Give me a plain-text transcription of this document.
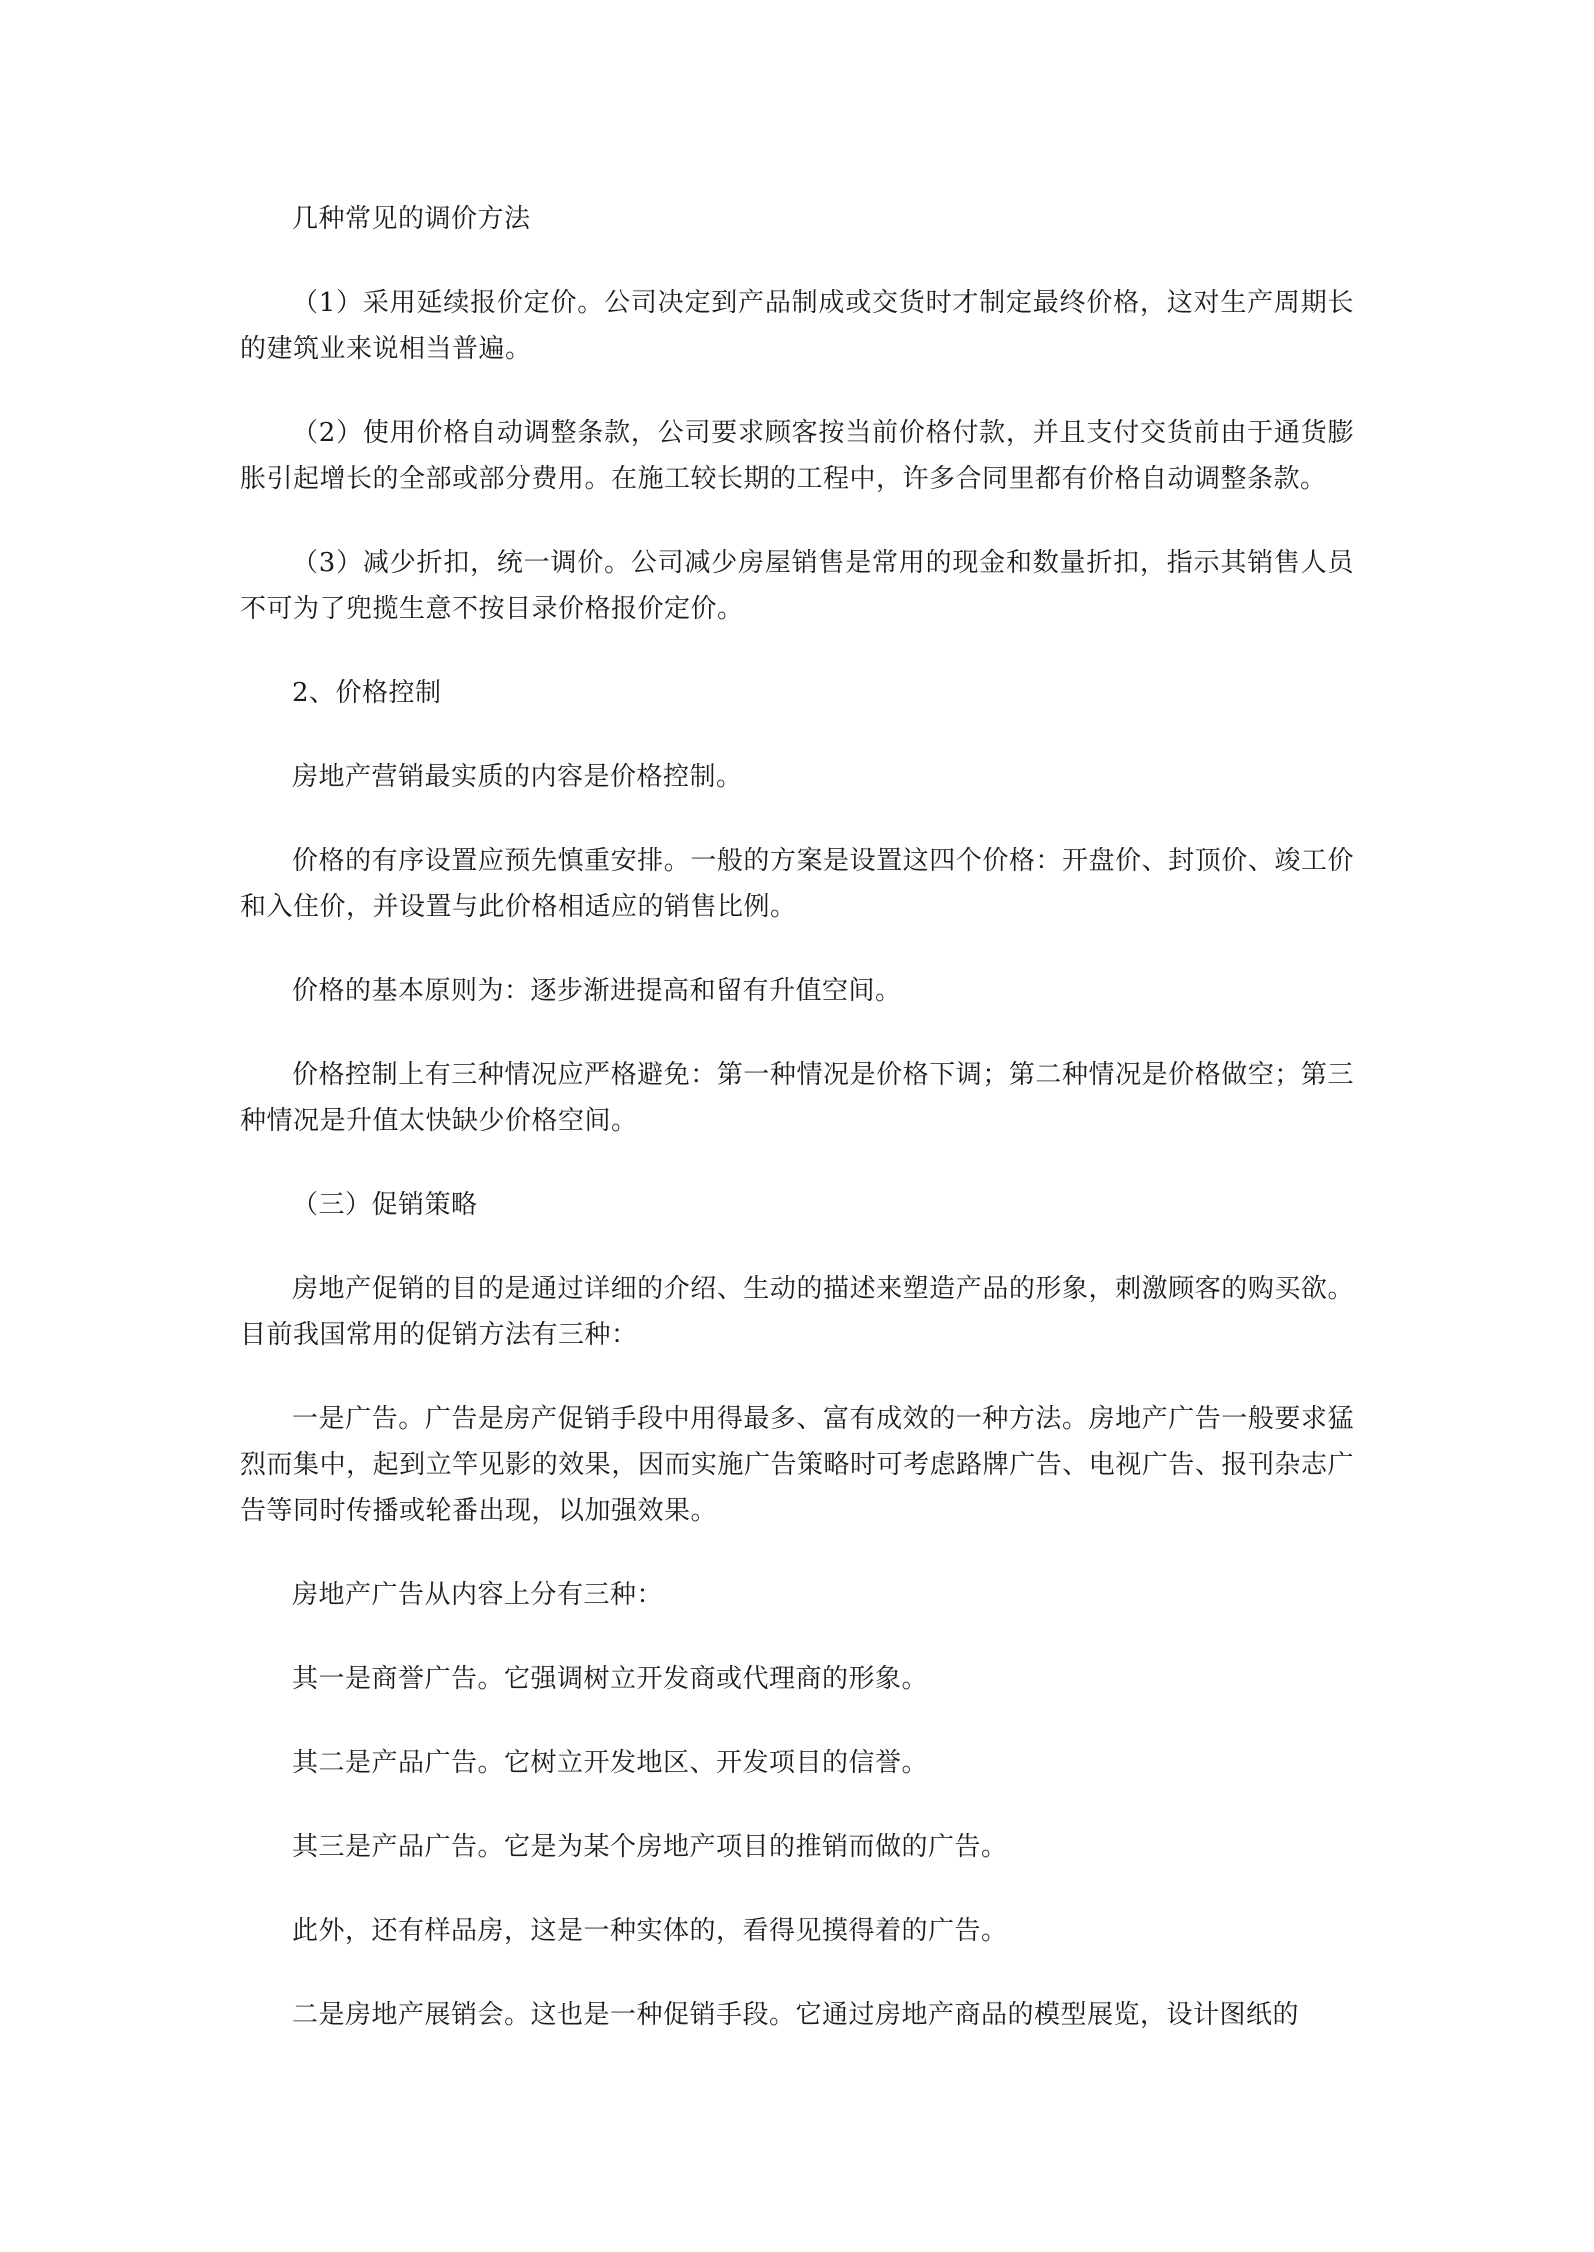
几种常见的调价方法

（1）采用延续报价定价。公司决定到产品制成或交货时才制定最终价格，这对生产周期长的建筑业来说相当普遍。

（2）使用价格自动调整条款，公司要求顾客按当前价格付款，并且支付交货前由于通货膨胀引起增长的全部或部分费用。在施工较长期的工程中，许多合同里都有价格自动调整条款。

（3）减少折扣，统一调价。公司减少房屋销售是常用的现金和数量折扣，指示其销售人员不可为了兜揽生意不按目录价格报价定价。

2、价格控制

房地产营销最实质的内容是价格控制。

价格的有序设置应预先慎重安排。一般的方案是设置这四个价格：开盘价、封顶价、竣工价和入住价，并设置与此价格相适应的销售比例。

价格的基本原则为：逐步渐进提高和留有升值空间。

价格控制上有三种情况应严格避免：第一种情况是价格下调；第二种情况是价格做空；第三种情况是升值太快缺少价格空间。

（三）促销策略

房地产促销的目的是通过详细的介绍、生动的描述来塑造产品的形象，刺激顾客的购买欲。目前我国常用的促销方法有三种：

一是广告。广告是房产促销手段中用得最多、富有成效的一种方法。房地产广告一般要求猛烈而集中，起到立竿见影的效果，因而实施广告策略时可考虑路牌广告、电视广告、报刊杂志广告等同时传播或轮番出现，以加强效果。

房地产广告从内容上分有三种：

其一是商誉广告。它强调树立开发商或代理商的形象。

其二是产品广告。它树立开发地区、开发项目的信誉。

其三是产品广告。它是为某个房地产项目的推销而做的广告。

此外，还有样品房，这是一种实体的，看得见摸得着的广告。

二是房地产展销会。这也是一种促销手段。它通过房地产商品的模型展览，设计图纸的
